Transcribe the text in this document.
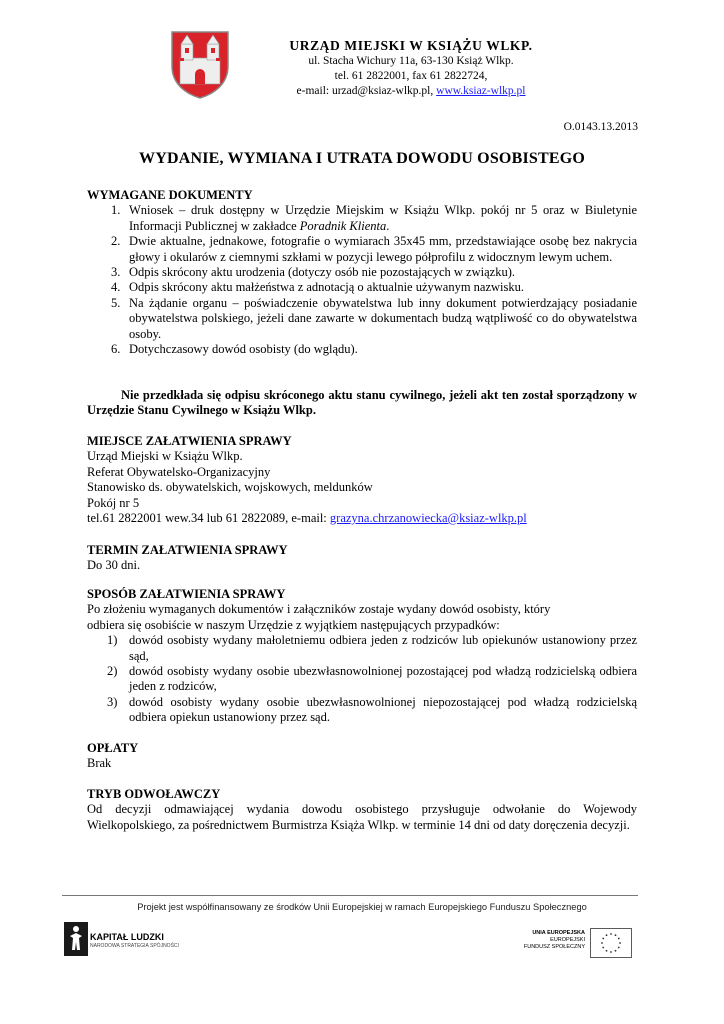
URZĄD MIEJSKI W KSIĄŻU WLKP.
ul. Stacha Wichury 11a, 63-130 Książ Wlkp.
tel. 61 2822001, fax 61 2822724,
e-mail: urzad@ksiaz-wlkp.pl, www.ksiaz-wlkp.pl
O.0143.13.2013
WYDANIE, WYMIANA I UTRATA DOWODU OSOBISTEGO
WYMAGANE DOKUMENTY
1. Wniosek – druk dostępny w Urzędzie Miejskim w Książu Wlkp. pokój nr 5 oraz w Biuletynie Informacji Publicznej w zakładce Poradnik Klienta.
2. Dwie aktualne, jednakowe, fotografie o wymiarach 35x45 mm, przedstawiające osobę bez nakrycia głowy i okularów z ciemnymi szkłami w pozycji lewego półprofilu z widocznym lewym uchem.
3. Odpis skrócony aktu urodzenia (dotyczy osób nie pozostających w związku).
4. Odpis skrócony aktu małżeństwa z adnotacją o aktualnie używanym nazwisku.
5. Na żądanie organu – poświadczenie obywatelstwa lub inny dokument potwierdzający posiadanie obywatelstwa polskiego, jeżeli dane zawarte w dokumentach budzą wątpliwość co do obywatelstwa osoby.
6. Dotychczasowy dowód osobisty (do wglądu).
Nie przedkłada się odpisu skróconego aktu stanu cywilnego, jeżeli akt ten został sporządzony w Urzędzie Stanu Cywilnego w Książu Wlkp.
MIEJSCE ZAŁATWIENIA SPRAWY
Urząd Miejski w Książu Wlkp.
Referat Obywatelsko-Organizacyjny
Stanowisko ds. obywatelskich, wojskowych, meldunków
Pokój nr 5
tel.61 2822001 wew.34 lub 61 2822089, e-mail: grazyna.chrzanowiecka@ksiaz-wlkp.pl
TERMIN ZAŁATWIENIA SPRAWY
Do 30 dni.
SPOSÓB ZAŁATWIENIA SPRAWY
Po złożeniu wymaganych dokumentów i załączników zostaje wydany dowód osobisty, który
odbiera się osobiście w naszym Urzędzie z wyjątkiem następujących przypadków:
1) dowód osobisty wydany małoletniemu odbiera jeden z rodziców lub opiekunów ustanowiony przez sąd,
2) dowód osobisty wydany osobie ubezwłasnowolnionej pozostającej pod władzą rodzicielską odbiera jeden z rodziców,
3) dowód osobisty wydany osobie ubezwłasnowolnionej niepozostającej pod władzą rodzicielską odbiera opiekun ustanowiony przez sąd.
OPŁATY
Brak
TRYB ODWOŁAWCZY
Od decyzji odmawiającej wydania dowodu osobistego przysługuje odwołanie do Wojewody Wielkopolskiego, za pośrednictwem Burmistrza Książa Wlkp. w terminie 14 dni od daty doręczenia decyzji.
Projekt jest współfinansowany ze środków Unii Europejskiej w ramach Europejskiego Funduszu Społecznego
KAPITAŁ LUDZKI
NARODOWA STRATEGIA SPÓJNOŚCI
UNIA EUROPEJSKA
EUROPEJSKI
FUNDUSZ SPOŁECZNY
